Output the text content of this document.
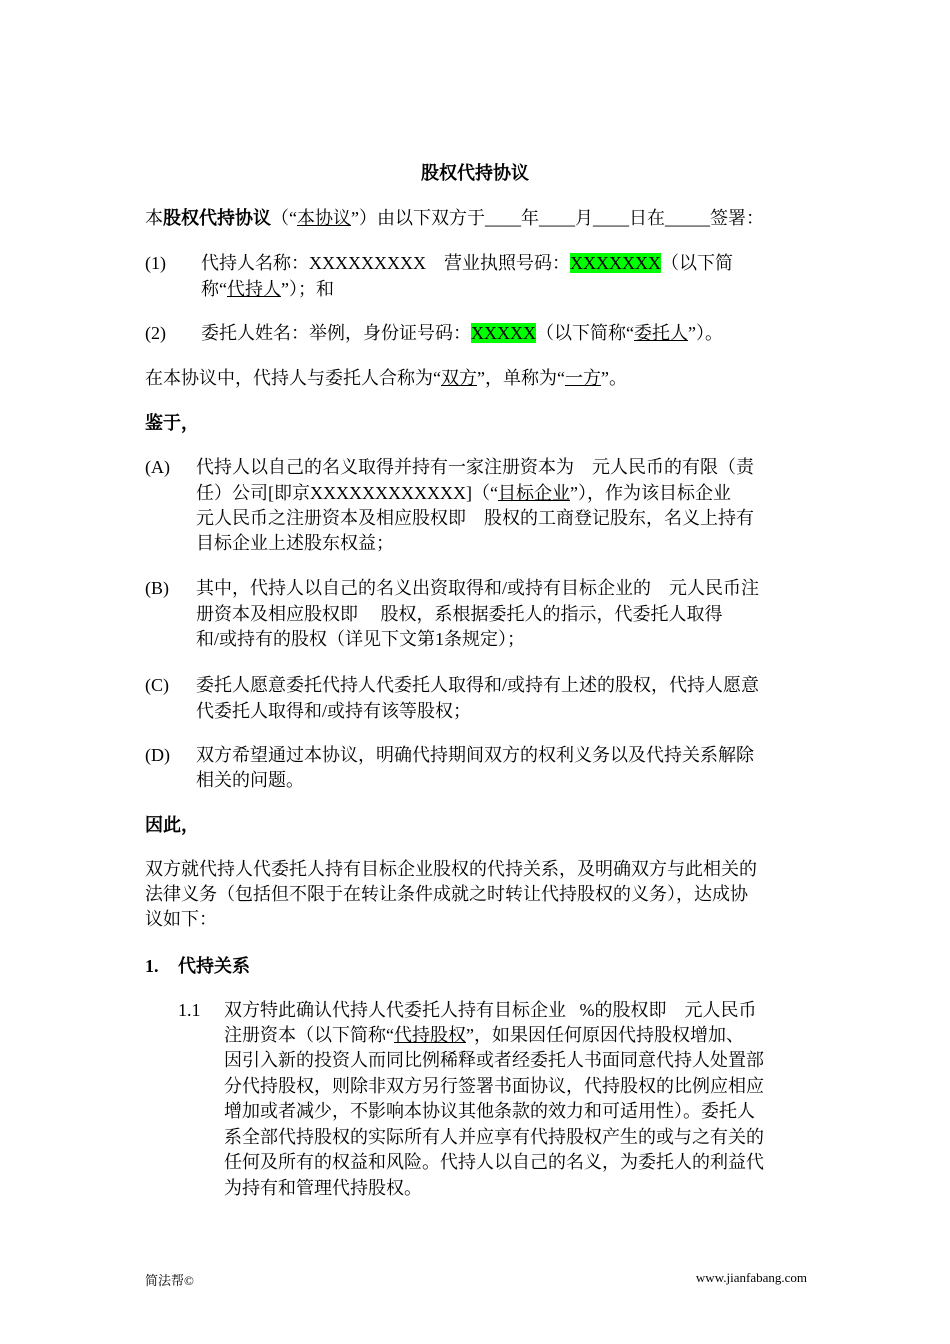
股权代持协议
本股权代持协议（“本协议”）由以下双方于____年____月____日在_____签署：
(1) 代持人名称：XXXXXXXXX    营业执照号码：XXXXXXX（以下简
称“代持人”）；和
(2) 委托人姓名：举例，身份证号码：XXXXX（以下简称“委托人”）。
在本协议中，代持人与委托人合称为“双方”，单称为“一方”。
鉴于，
(A) 代持人以自己的名义取得并持有一家注册资本为    元人民币的有限（责
任）公司[即京XXXXXXXXXXXX]（“目标企业”），作为该目标企业
元人民币之注册资本及相应股权即    股权的工商登记股东，名义上持有
目标企业上述股东权益；
(B) 其中，代持人以自己的名义出资取得和/或持有目标企业的    元人民币注
册资本及相应股权即     股权，系根据委托人的指示，代委托人取得
和/或持有的股权（详见下文第1条规定）；
(C) 委托人愿意委托代持人代委托人取得和/或持有上述的股权，代持人愿意
代委托人取得和/或持有该等股权；
(D) 双方希望通过本协议，明确代持期间双方的权利义务以及代持关系解除
相关的问题。
因此，
双方就代持人代委托人持有目标企业股权的代持关系，及明确双方与此相关的
法律义务（包括但不限于在转让条件成就之时转让代持股权的义务），达成协
议如下：
1. 代持关系
1.1 双方特此确认代持人代委托人持有目标企业   %的股权即    元人民币
注册资本（以下简称“代持股权”，如果因任何原因代持股权增加、
因引入新的投资人而同比例稀释或者经委托人书面同意代持人处置部
分代持股权，则除非双方另行签署书面协议，代持股权的比例应相应
增加或者减少，不影响本协议其他条款的效力和可适用性）。委托人
系全部代持股权的实际所有人并应享有代持股权产生的或与之有关的
任何及所有的权益和风险。代持人以自己的名义，为委托人的利益代
为持有和管理代持股权。
简法帮©	www.jianfabang.com
